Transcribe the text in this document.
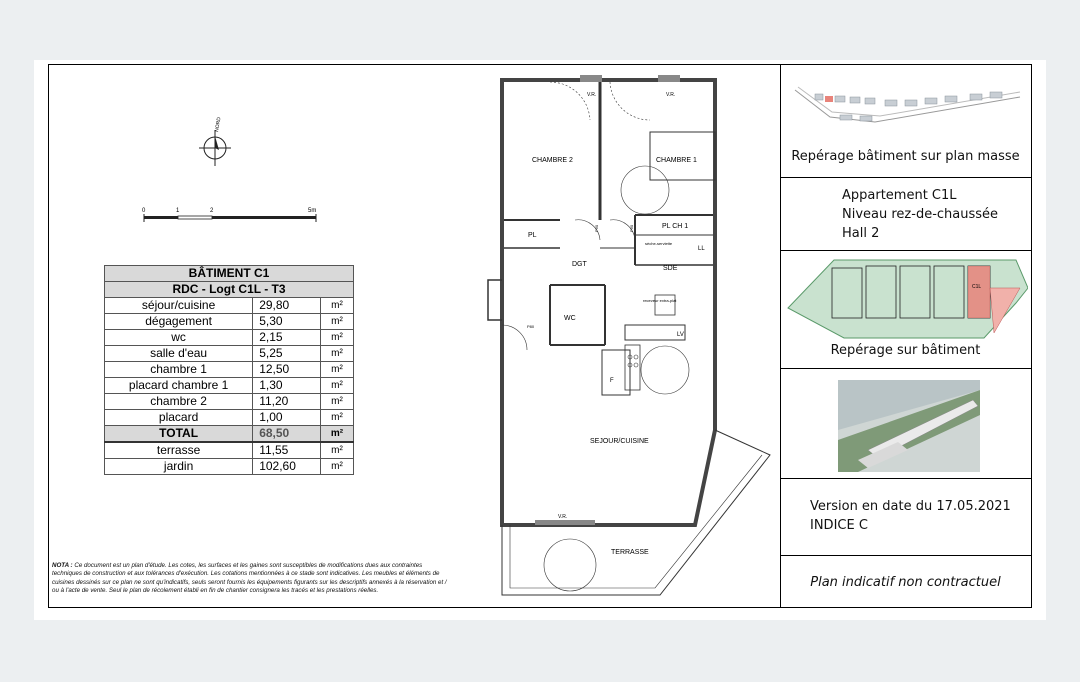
NORD
0	1	2	5m
BÂTIMENT C1		
RDC - Logt C1L - T3		
séjour/cuisine	29,80	m²
dégagement	5,30	m²
wc	2,15	m²
salle d'eau	5,25	m²
chambre 1	12,50	m²
placard chambre 1	1,30	m²
chambre 2	11,20	m²
placard	1,00	m²
TOTAL	68,50	m²
terrasse	11,55	m²
jardin	102,60	m²
NOTA : Ce document est un plan d'étude. Les cotes, les surfaces et les gaines sont susceptibles de modifications dues aux contraintes techniques de construction et aux tolérances d'exécution. Les cotations mentionnées à ce stade sont indicatives. Les meubles et éléments de cuisines dessinés sur ce plan ne sont qu'indicatifs, seuls seront fournis les équipements figurants sur les descriptifs annexés à la réservation et / ou à l'acte de vente. Seul le plan de récolement établi en fin de chantier consignera les tracés et les prestations réelles.
CHAMBRE 2	CHAMBRE 1
PL
PL CH 1
DGT
SDE
LL
WC
LV
F
SEJOUR/CUISINE
TERRASSE
V.R.	V.R.
V.R.
P90	P90
P80
sèche-serviette
receveur extra-plat
Repérage bâtiment sur plan masse
Appartement C1L
Niveau rez-de-chaussée
Hall 2
C1L
Repérage sur bâtiment
Version en date du 17.05.2021
INDICE C
Plan indicatif non contractuel
